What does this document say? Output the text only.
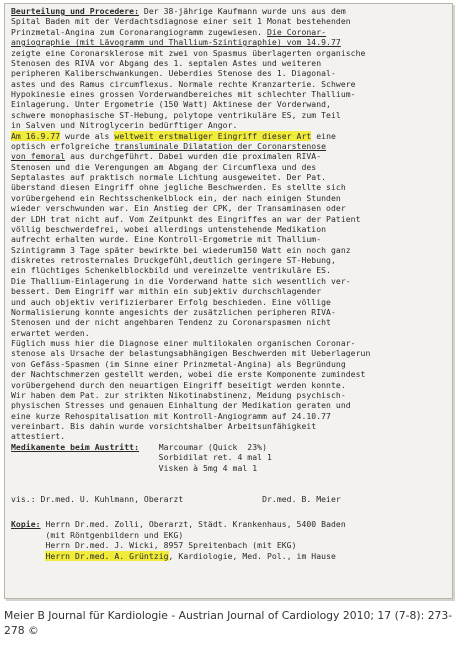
Beurteilung und Procedere: Der 38-jährige Kaufmann wurde uns aus dem
Spital Baden mit der Verdachtsdiagnose einer seit 1 Monat bestehenden
Prinzmetal-Angina zum Coronarangiogramm zugewiesen. Die Coronar-
angiographie (mit Lävogramm und Thallium-Szintigraphie) vom 14.9.77
zeigte eine Coronarsklerose mit zwei von Spasmus überlagerten organische
Stenosen des RIVA vor Abgang des 1. septalen Astes und weiteren
peripheren Kaliberschwankungen. Ueberdies Stenose des 1. Diagonal-
astes und des Ramus circumflexus. Normale rechte Kranzarterie. Schwere
Hypokinesie eines grossen Vorderwandbereiches mit schlechter Thallium-
Einlagerung. Unter Ergometrie (150 Watt) Aktinese der Vorderwand,
schwere monophasische ST-Hebung, polytope ventrikuläre ES, zum Teil
in Salven und Nitroglycerin bedürftiger Angor.
Am 16.9.77 wurde als weltweit erstmaliger Eingriff dieser Art eine
optisch erfolgreiche transluminale Dilatation der Coronarstenose
von femoral aus durchgeführt. Dabei wurden die proximalen RIVA-
Stenosen und die Verengungen am Abgang der Circumflexa und des
Septalastes auf praktisch normale Lichtung ausgeweitet. Der Pat.
überstand diesen Eingriff ohne jegliche Beschwerden. Es stellte sich
vorübergehend ein Rechtsschenkelblock ein, der nach einigen Stunden
wieder verschwunden war. Ein Anstieg der CPK, der Transaminasen oder
der LDH trat nicht auf. Vom Zeitpunkt des Eingriffes an war der Patient
völlig beschwerdefrei, wobei allerdings untenstehende Medikation
aufrecht erhalten wurde. Eine Kontroll-Ergometrie mit Thallium-
Szintigramm 3 Tage später bewirkte bei wiederum150 Watt ein noch ganz
diskretes retrosternales Druckgefühl,deutlich geringere ST-Hebung,
ein flüchtiges Schenkelblockbild und vereinzelte ventrikuläre ES.
Die Thallium-Einlagerung in die Vorderwand hatte sich wesentlich ver-
bessert. Dem Eingriff war mithin ein subjektiv durchschlagender
und auch objektiv verifizierbarer Erfolg beschieden. Eine völlige
Normalisierung konnte angesichts der zusätzlichen peripheren RIVA-
Stenosen und der nicht angehbaren Tendenz zu Coronarspasmen nicht
erwartet werden.
Füglich muss hier die Diagnose einer multilokalen organischen Coronar-
stenose als Ursache der belastungsabhängigen Beschwerden mit Ueberlagerun
von Gefäss-Spasmen (im Sinne einer Prinzmetal-Angina) als Begründung
der Nachtschmerzen gestellt werden, wobei die erste Komponente zumindest
vorübergehend durch den neuartigen Eingriff beseitigt werden konnte.
Wir haben dem Pat. zur strikten Nikotinabstinenz, Meidung psychisch-
physischen Stresses und genauen Einhaltung der Medikation geraten und
eine kurze Rehospitalisation mit Kontroll-Angiogramm auf 24.10.77
vereinbart. Bis dahin wurde vorsichtshalber Arbeitsunfähigkeit
attestiert.
Medikamente beim Austritt:    Marcoumar (Quick  23%)
Sorbidilat ret. 4 mal 1
Visken à 5mg 4 mal 1
vis.: Dr.med. U. Kuhlmann, Oberarzt                Dr.med. B. Meier
Kopie: Herrn Dr.med. Zolli, Oberarzt, Städt. Krankenhaus, 5400 Baden
(mit Röntgenbildern und EKG)
Herrn Dr.med. J. Wicki, 8957 Spreitenbach (mit EKG)
Herrn Dr.med. A. Grüntzig, Kardiologie, Med. Pol., im Hause
Meier B Journal für Kardiologie - Austrian Journal of Cardiology 2010; 17 (7-8): 273-278 ©
